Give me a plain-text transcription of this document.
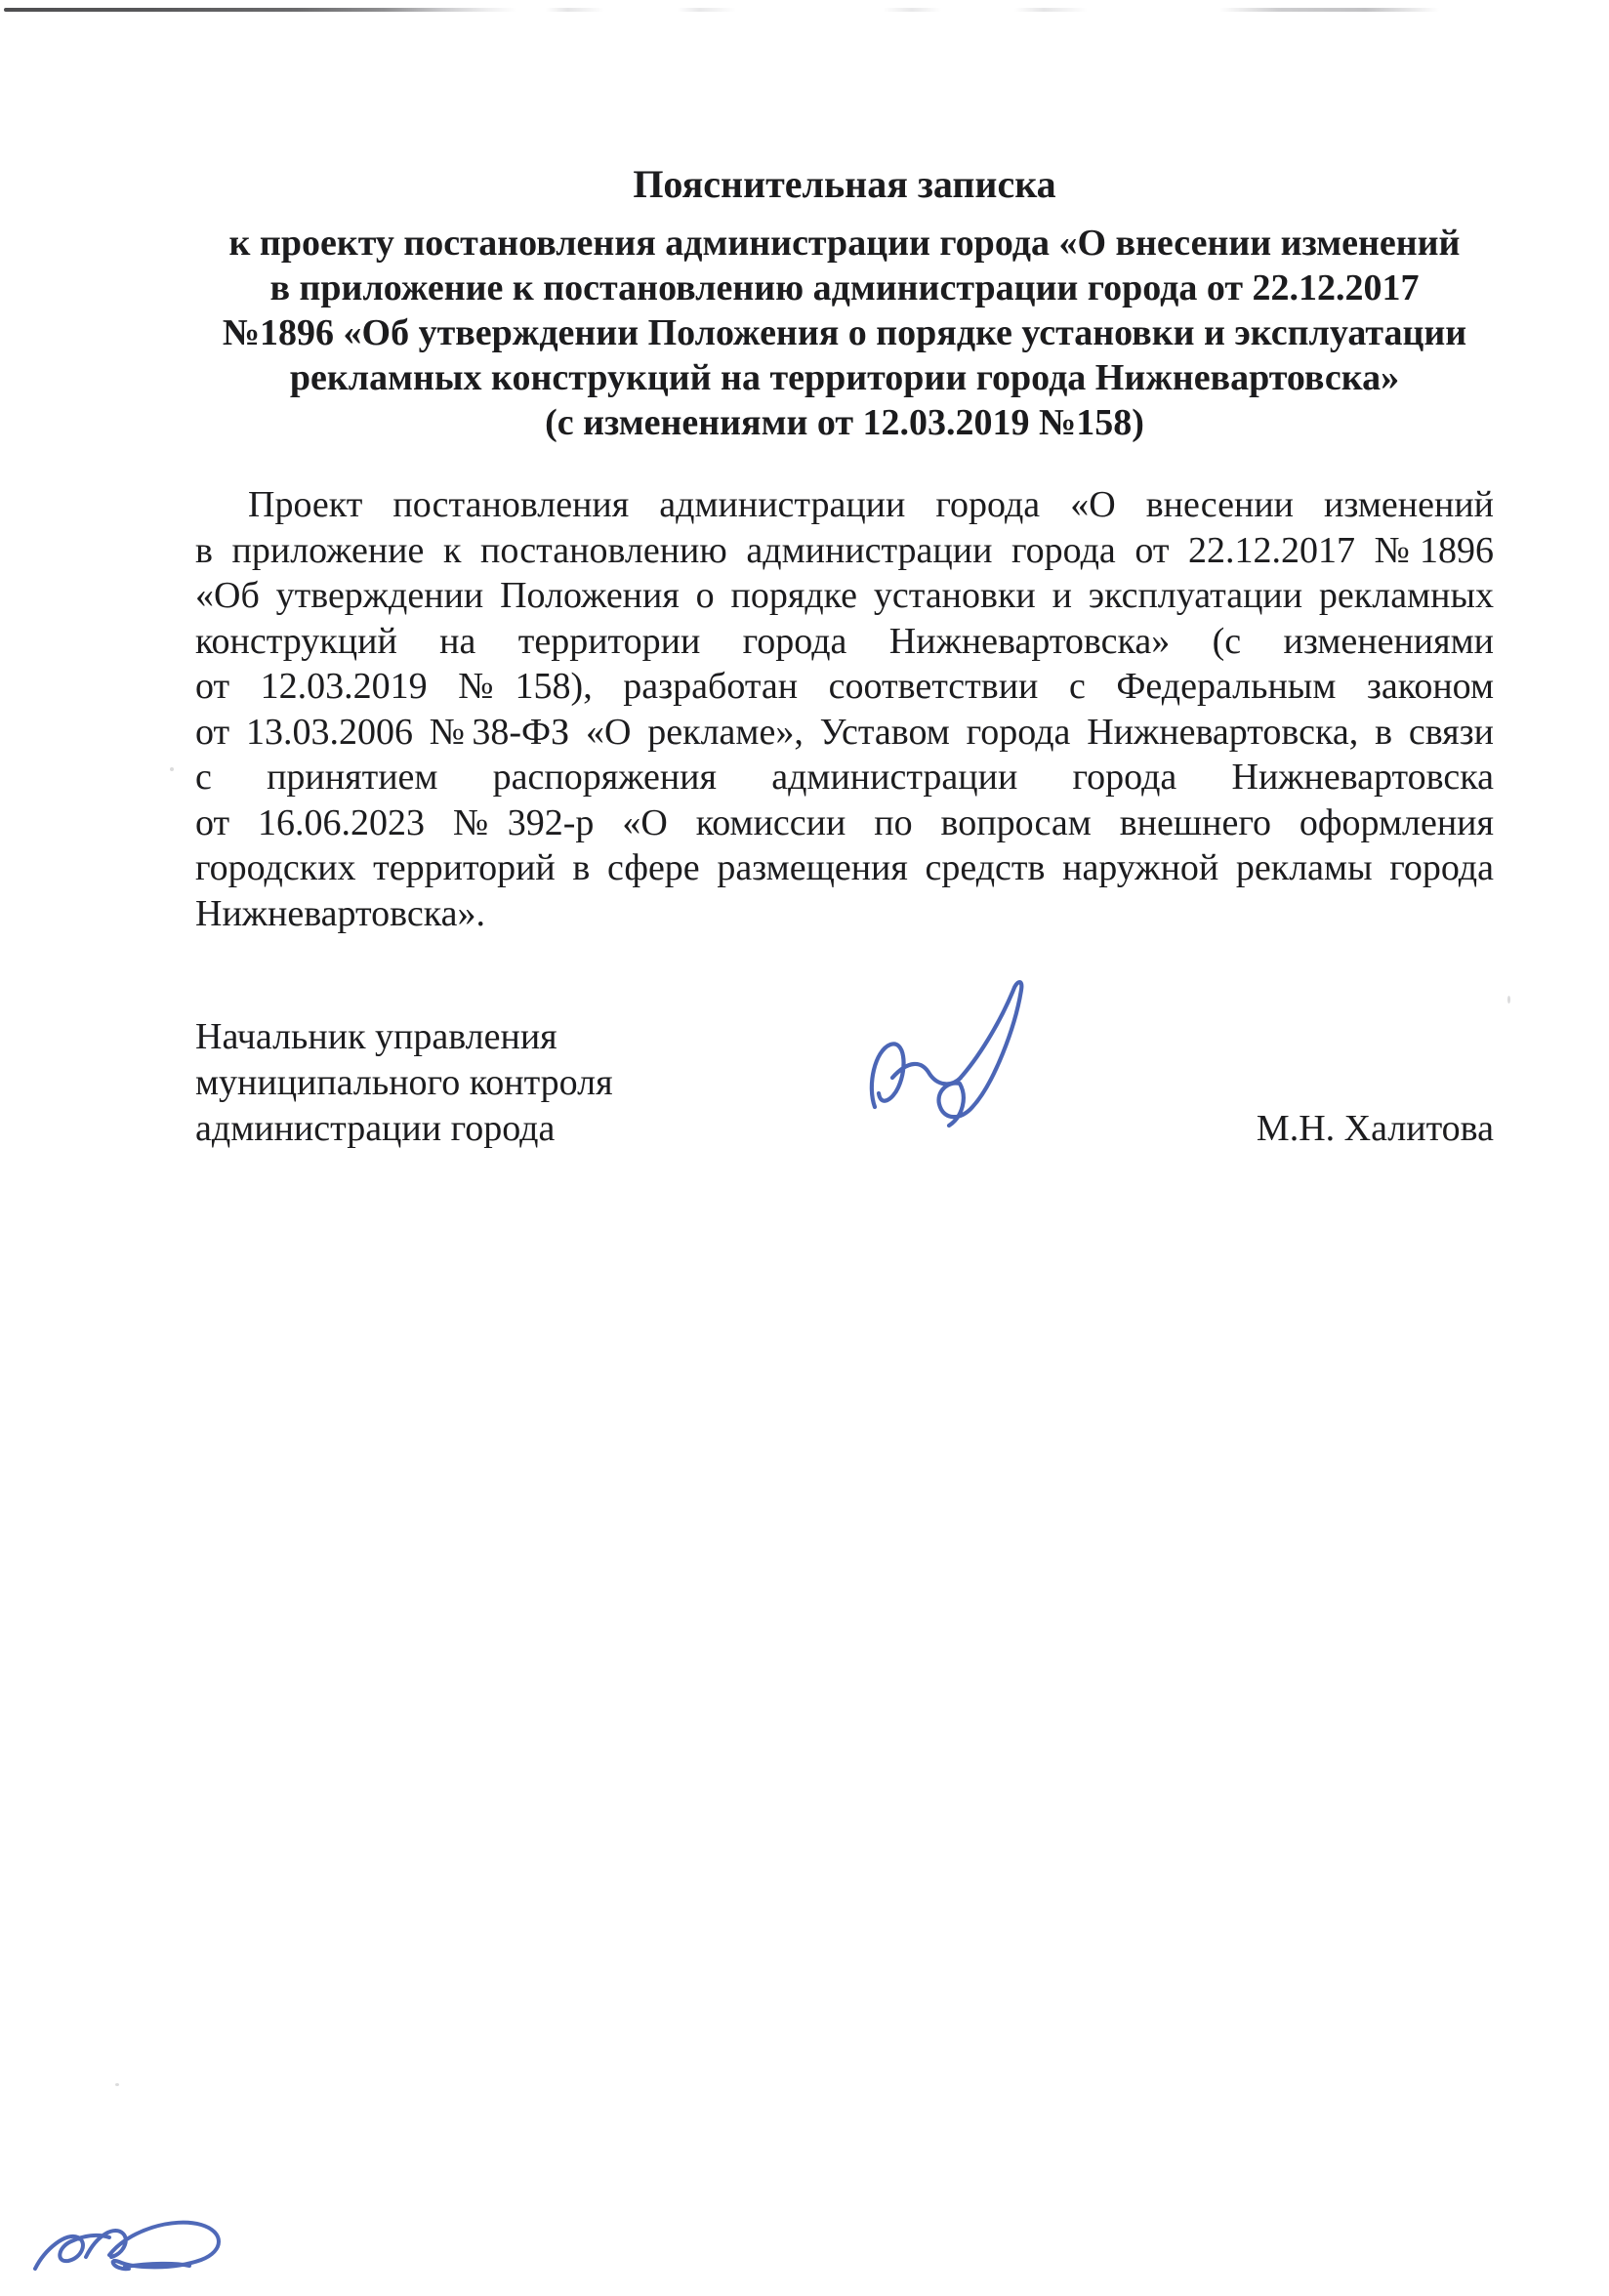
Пояснительная записка
к проекту постановления администрации города «О внесении изменений
в приложение к постановлению администрации города от 22.12.2017
№1896 «Об утверждении Положения о порядке установки и эксплуатации
рекламных конструкций на территории города Нижневартовска»
(с изменениями от 12.03.2019 №158)
Проект постановления администрации города «О внесении изменений
в приложение к постановлению администрации города от 22.12.2017 №1896
«Об утверждении Положения о порядке установки и эксплуатации рекламных
конструкций на территории города Нижневартовска» (с изменениями
от 12.03.2019 №158), разработан соответствии с Федеральным законом
от 13.03.2006 №38-ФЗ «О рекламе», Уставом города Нижневартовска, в связи
с принятием распоряжения администрации города Нижневартовска
от 16.06.2023 №392-р «О комиссии по вопросам внешнего оформления
городских территорий в сфере размещения средств наружной рекламы города
Нижневартовска».
Начальник управления
муниципального контроля
администрации города	М.Н. Халитова
